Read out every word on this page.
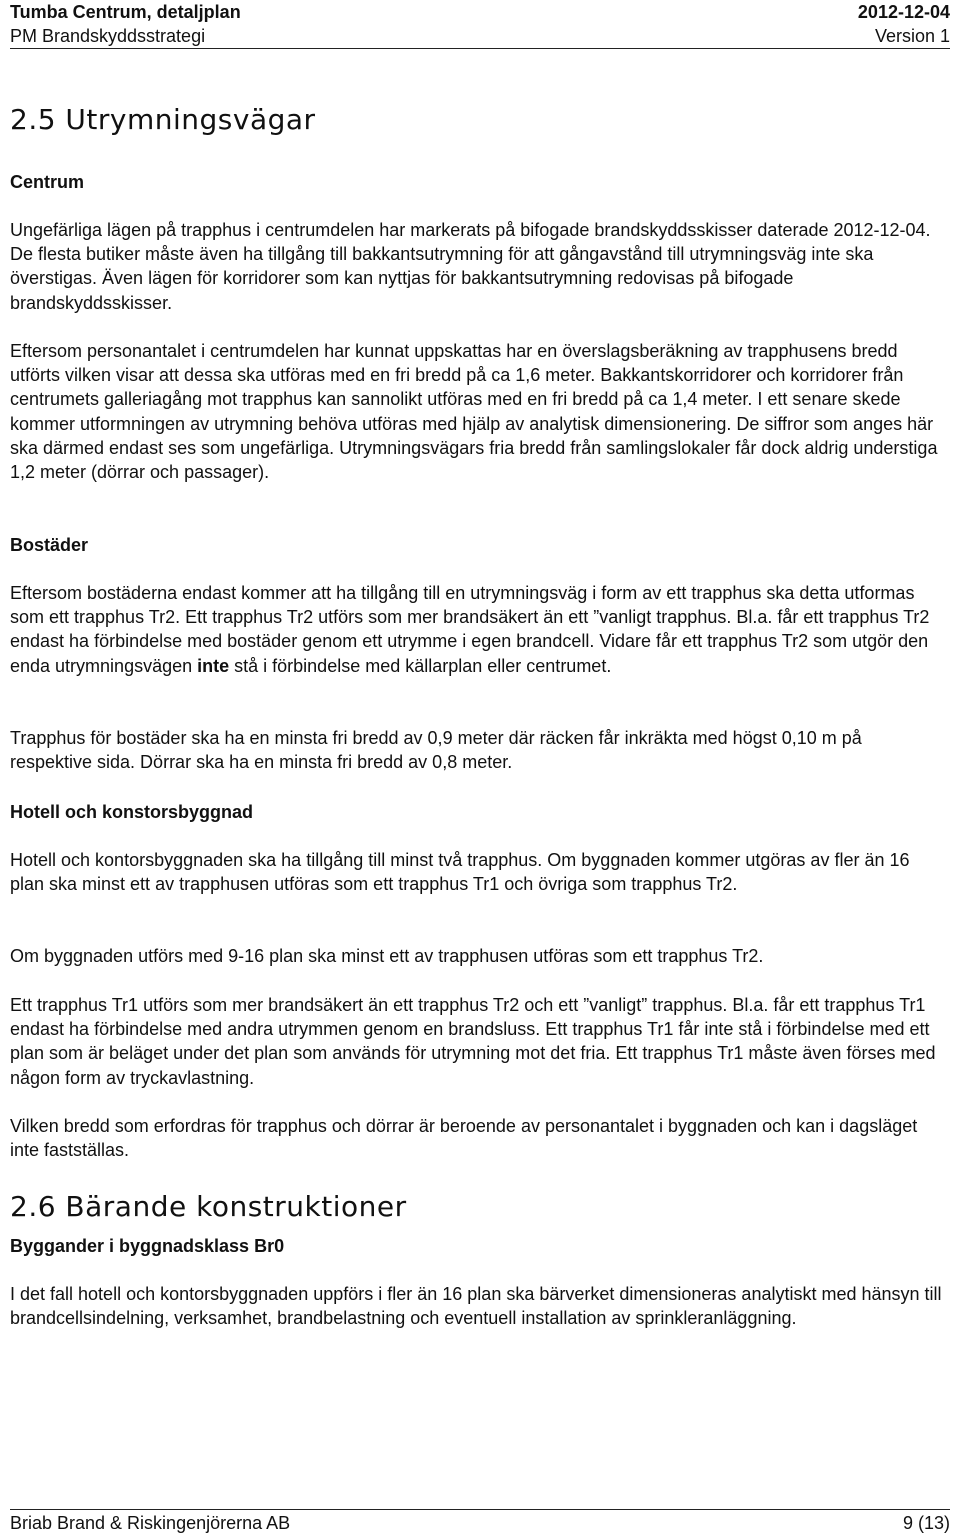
Tumba Centrum, detaljplan	2012-12-04
PM Brandskyddsstrategi	Version 1
2.5 Utrymningsvägar
Centrum
Ungefärliga lägen på trapphus i centrumdelen har markerats på bifogade brandskyddsskisser daterade 2012-12-04. De flesta butiker måste även ha tillgång till bakkantsutrymning för att gångavstånd till utrymningsväg inte ska överstigas. Även lägen för korridorer som kan nyttjas för bakkantsutrymning redovisas på bifogade brandskyddsskisser.
Eftersom personantalet i centrumdelen har kunnat uppskattas har en överslagsberäkning av trapphusens bredd utförts vilken visar att dessa ska utföras med en fri bredd på ca 1,6 meter. Bakkantskorridorer och korridorer från centrumets galleriagång mot trapphus kan sannolikt utföras med en fri bredd på ca 1,4 meter. I ett senare skede kommer utformningen av utrymning behöva utföras med hjälp av analytisk dimensionering. De siffror som anges här ska därmed endast ses som ungefärliga. Utrymningsvägars fria bredd från samlingslokaler får dock aldrig understiga 1,2 meter (dörrar och passager).
Bostäder
Eftersom bostäderna endast kommer att ha tillgång till en utrymningsväg i form av ett trapphus ska detta utformas som ett trapphus Tr2. Ett trapphus Tr2 utförs som mer brandsäkert än ett ”vanligt trapphus. Bl.a. får ett trapphus Tr2 endast ha förbindelse med bostäder genom ett utrymme i egen brandcell. Vidare får ett trapphus Tr2 som utgör den enda utrymningsvägen inte stå i förbindelse med källarplan eller centrumet.
Trapphus för bostäder ska ha en minsta fri bredd av 0,9 meter där räcken får inkräkta med högst 0,10 m på respektive sida. Dörrar ska ha en minsta fri bredd av 0,8 meter.
Hotell och konstorsbyggnad
Hotell och kontorsbyggnaden ska ha tillgång till minst två trapphus. Om byggnaden kommer utgöras av fler än 16 plan ska minst ett av trapphusen utföras som ett trapphus Tr1 och övriga som trapphus Tr2.
Om byggnaden utförs med 9-16 plan ska minst ett av trapphusen utföras som ett trapphus Tr2.
Ett trapphus Tr1 utförs som mer brandsäkert än ett trapphus Tr2 och ett ”vanligt” trapphus. Bl.a. får ett trapphus Tr1 endast ha förbindelse med andra utrymmen genom en brandsluss. Ett trapphus Tr1 får inte stå i förbindelse med ett plan som är beläget under det plan som används för utrymning mot det fria. Ett trapphus Tr1 måste även förses med någon form av tryckavlastning.
Vilken bredd som erfordras för trapphus och dörrar är beroende av personantalet i byggnaden och kan i dagsläget inte fastställas.
2.6 Bärande konstruktioner
Byggander i byggnadsklass Br0
I det fall hotell och kontorsbyggnaden uppförs i fler än 16 plan ska bärverket dimensioneras analytiskt med hänsyn till brandcellsindelning, verksamhet, brandbelastning och eventuell installation av sprinkleranläggning.
Briab Brand & Riskingenjörerna AB	9 (13)
